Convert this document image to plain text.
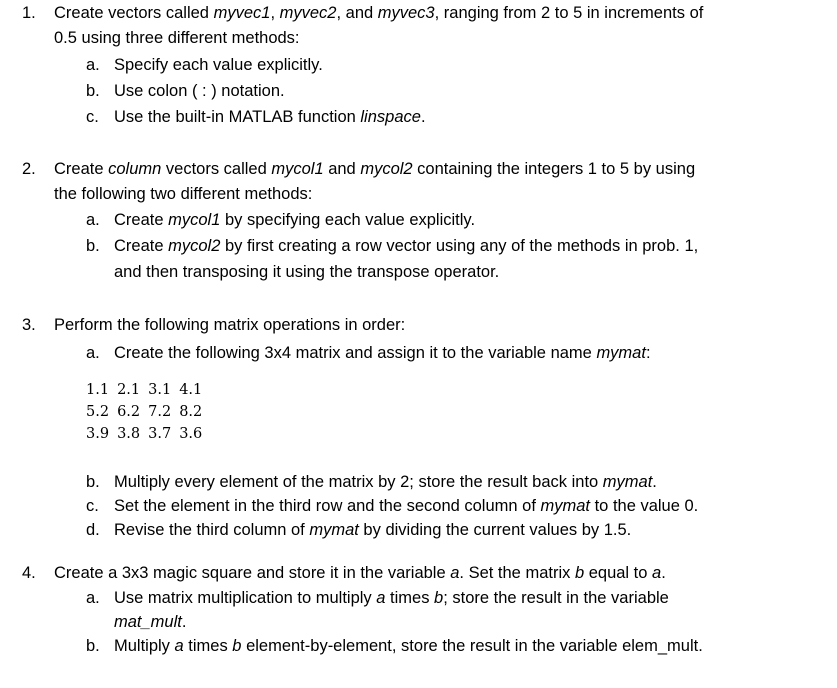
1. Create vectors called myvec1, myvec2, and myvec3, ranging from 2 to 5 in increments of
0.5 using three different methods:
a. Specify each value explicitly.
b. Use colon ( : ) notation.
c. Use the built-in MATLAB function linspace.
2. Create column vectors called mycol1 and mycol2 containing the integers 1 to 5 by using
the following two different methods:
a. Create mycol1 by specifying each value explicitly.
b. Create mycol2 by first creating a row vector using any of the methods in prob. 1,
and then transposing it using the transpose operator.
3. Perform the following matrix operations in order:
a. Create the following 3x4 matrix and assign it to the variable name mymat:
b. Multiply every element of the matrix by 2; store the result back into mymat.
c. Set the element in the third row and the second column of mymat to the value 0.
d. Revise the third column of mymat by dividing the current values by 1.5.
1.1 2.1 3.1 4.1
5.2 6.2 7.2 8.2
3.9 3.8 3.7 3.6
4. Create a 3x3 magic square and store it in the variable a. Set the matrix b equal to a.
a. Use matrix multiplication to multiply a times b; store the result in the variable
mat_mult.
b. Multiply a times b element-by-element, store the result in the variable elem_mult.
